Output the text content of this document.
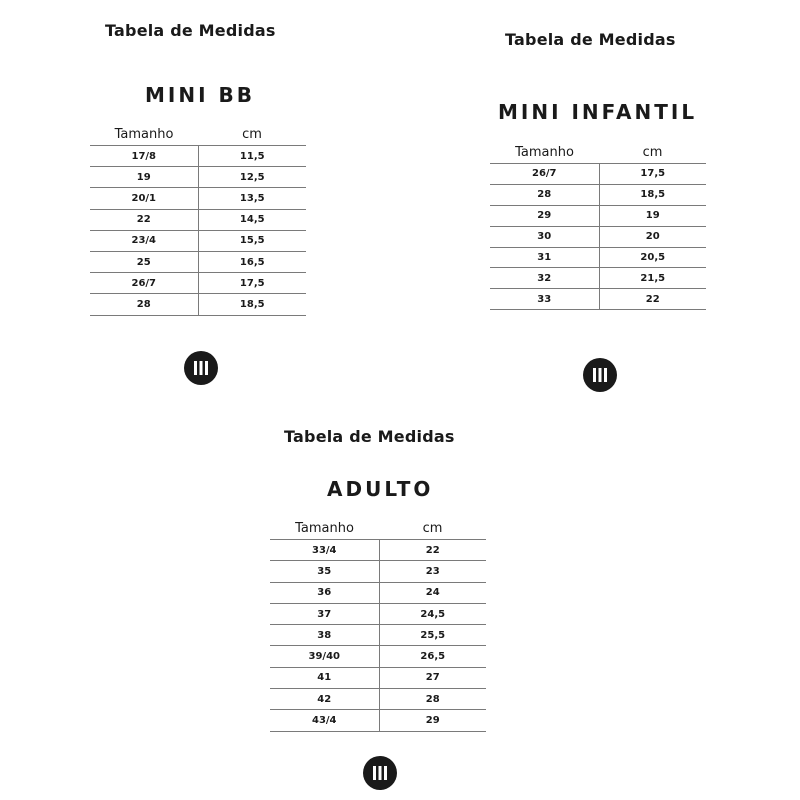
Tabela de Medidas
MINI BB
Tamanho	cm
17/8	11,5
19	12,5
20/1	13,5
22	14,5
23/4	15,5
25	16,5
26/7	17,5
28	18,5
Tabela de Medidas
MINI INFANTIL
Tamanho	cm
26/7	17,5
28	18,5
29	19
30	20
31	20,5
32	21,5
33	22
Tabela de Medidas
ADULTO
Tamanho	cm
33/4	22
35	23
36	24
37	24,5
38	25,5
39/40	26,5
41	27
42	28
43/4	29
